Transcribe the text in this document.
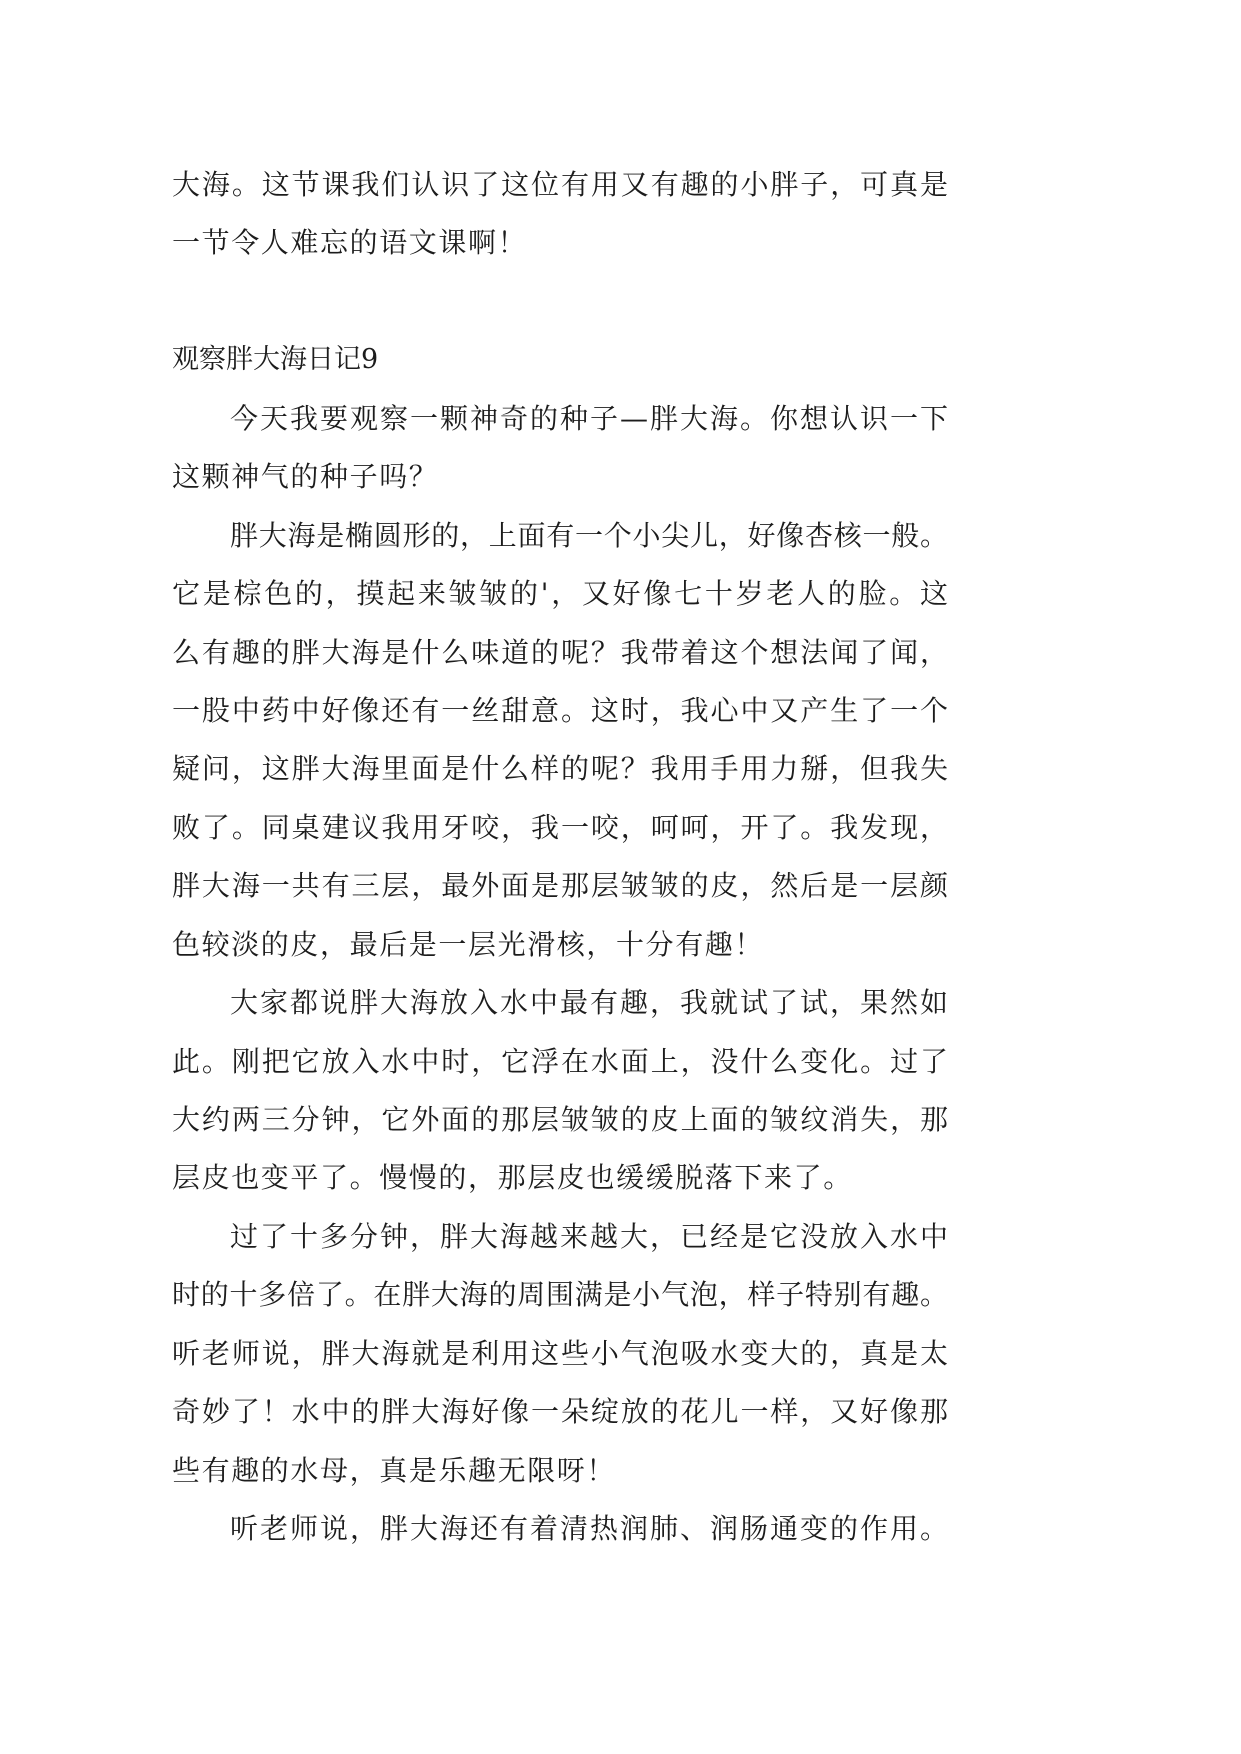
大海。这节课我们认识了这位有用又有趣的小胖子，可真是
一节令人难忘的语文课啊！
观察胖大海日记9
今天我要观察一颗神奇的种子—胖大海。你想认识一下
这颗神气的种子吗？
胖大海是椭圆形的，上面有一个小尖儿，好像杏核一般。
它是棕色的，摸起来皱皱的'，又好像七十岁老人的脸。这
么有趣的胖大海是什么味道的呢？我带着这个想法闻了闻，
一股中药中好像还有一丝甜意。这时，我心中又产生了一个
疑问，这胖大海里面是什么样的呢？我用手用力掰，但我失
败了。同桌建议我用牙咬，我一咬，呵呵，开了。我发现，
胖大海一共有三层，最外面是那层皱皱的皮，然后是一层颜
色较淡的皮，最后是一层光滑核，十分有趣！
大家都说胖大海放入水中最有趣，我就试了试，果然如
此。刚把它放入水中时，它浮在水面上，没什么变化。过了
大约两三分钟，它外面的那层皱皱的皮上面的皱纹消失，那
层皮也变平了。慢慢的，那层皮也缓缓脱落下来了。
过了十多分钟，胖大海越来越大，已经是它没放入水中
时的十多倍了。在胖大海的周围满是小气泡，样子特别有趣。
听老师说，胖大海就是利用这些小气泡吸水变大的，真是太
奇妙了！水中的胖大海好像一朵绽放的花儿一样，又好像那
些有趣的水母，真是乐趣无限呀！
听老师说，胖大海还有着清热润肺、润肠通变的作用。
